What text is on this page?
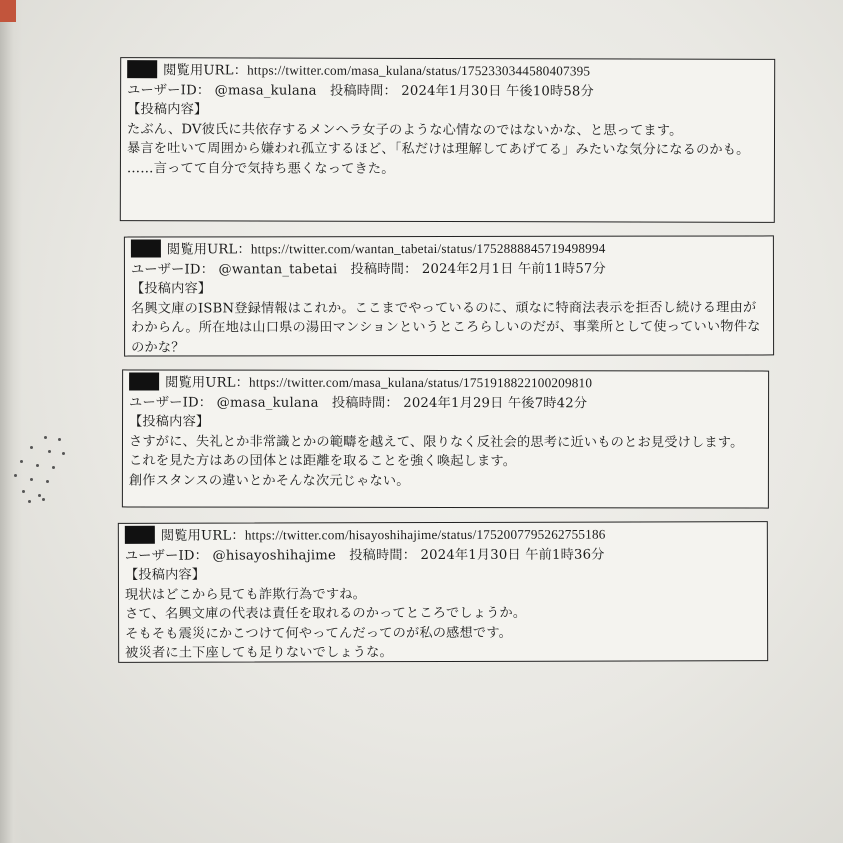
閲覧用URL：https://twitter.com/masa_kulana/status/1752330344580407395
ユーザーID： @masa_kulana 投稿時間： 2024年1月30日 午後10時58分
【投稿内容】
たぶん、DV彼氏に共依存するメンヘラ女子のような心情なのではないかな、と思ってます。
暴言を吐いて周囲から嫌われ孤立するほど、「私だけは理解してあげてる」みたいな気分になるのかも。
……言ってて自分で気持ち悪くなってきた。
閲覧用URL：https://twitter.com/wantan_tabetai/status/1752888845719498994
ユーザーID： @wantan_tabetai 投稿時間： 2024年2月1日 午前11時57分
【投稿内容】
名興文庫のISBN登録情報はこれか。ここまでやっているのに、頑なに特商法表示を拒否し続ける理由がわからん。所在地は山口県の湯田マンションというところらしいのだが、事業所として使っていい物件なのかな？
閲覧用URL：https://twitter.com/masa_kulana/status/1751918822100209810
ユーザーID： @masa_kulana 投稿時間： 2024年1月29日 午後7時42分
【投稿内容】
さすがに、失礼とか非常識とかの範疇を越えて、限りなく反社会的思考に近いものとお見受けします。
これを見た方はあの団体とは距離を取ることを強く喚起します。
創作スタンスの違いとかそんな次元じゃない。
閲覧用URL：https://twitter.com/hisayoshihajime/status/1752007795262755186
ユーザーID： @hisayoshihajime 投稿時間： 2024年1月30日 午前1時36分
【投稿内容】
現状はどこから見ても詐欺行為ですね。
さて、名興文庫の代表は責任を取れるのかってところでしょうか。
そもそも震災にかこつけて何やってんだってのが私の感想です。
被災者に土下座しても足りないでしょうな。
